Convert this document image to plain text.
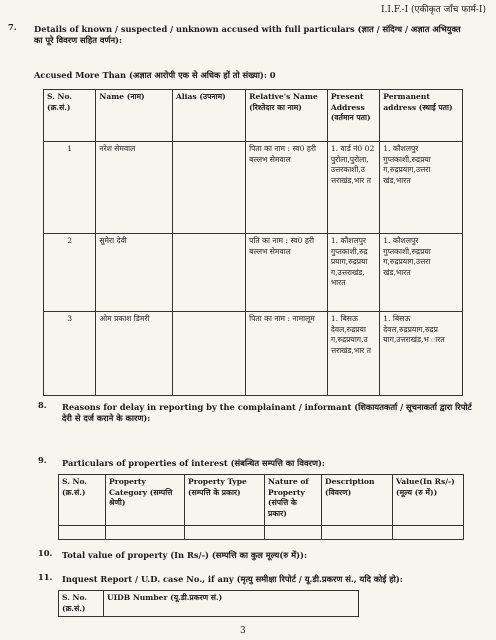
I.I.F.-I (एकीकृत जाँच फार्म-I)
7. Details of known / suspected / unknown accused with full particulars (ज्ञात / संदिग्ध / अज्ञात अभियुक्त
का पूरे विवरण सहित वर्णन):
Accused More Than (अज्ञात आरोपी एक से अधिक हों तो संख्या): 0
S. No. (क्र.सं.)	Name (नाम)	Alias (उपनाम)	Relative's Name (रिश्तेदार का नाम)	Present Address (वर्तमान पता)	Permanent address (स्थाई पता)
1	नरेश सेमवाल		पिता का नाम : स्व0 हरी बल्लभ सेमवाल	1. वार्ड नं0 02 पुरोला,पुरोला, उत्तरकाशी,उ त्तराखंड,भार त	1. कौशलपुर गुप्तकाशी,रुद्रप्रया ग,रुद्रप्रयाग,उत्तरा खंड,भारत
2	सुमेरा देवी		पति का नाम : स्व0 हरी बल्लभ सेमवाल	1. कौशलपुर गुप्तकाशी,रुद्र प्रयाग,रुद्रप्रया ग,उत्तराखंड, भारत	1. कौशलपुर गुप्तकाशी,रुद्रप्रया ग,रुद्रप्रयाग,उत्तरा खंड,भारत
3	ओम प्रकाश डिमरी		पिता का नाम : नामालूम	1. बिसऊ देवल,रुद्रप्रया ग,रुद्रप्रयाग,उ त्तराखंड,भार त	1. बिसऊ देवल,रुद्रप्रयाग,रुद्रप्र याग,उत्तराखंड,भ ारत
8. Reasons for delay in reporting by the complainant / informant (शिकायतकर्ता / सूचनाकर्ता द्वारा रिपोर्ट
देरी से दर्ज कराने के कारण):
9. Particulars of properties of interest (संबन्धित सम्पत्ति का विवरण):
S. No. (क्र.सं.)	Property Category (सम्पत्ति श्रेणी)	Property Type (सम्पत्ति के प्रकार)	Nature of Property (संपत्ति के प्रकार)	Description (विवरण)	Value(In Rs/-) (मूल्य (रु में))

10. Total value of property (In Rs/-) (सम्पत्ति का कुल मूल्य(रु में)):
11. Inquest Report / U.D. case No., if any (मृत्यु समीक्षा रिपोर्ट / यू.डी.प्रकरण सं., यदि कोई हो):
S. No. (क्र.सं.)	UIDB Number (यू.डी.प्रकरण सं.)
3
